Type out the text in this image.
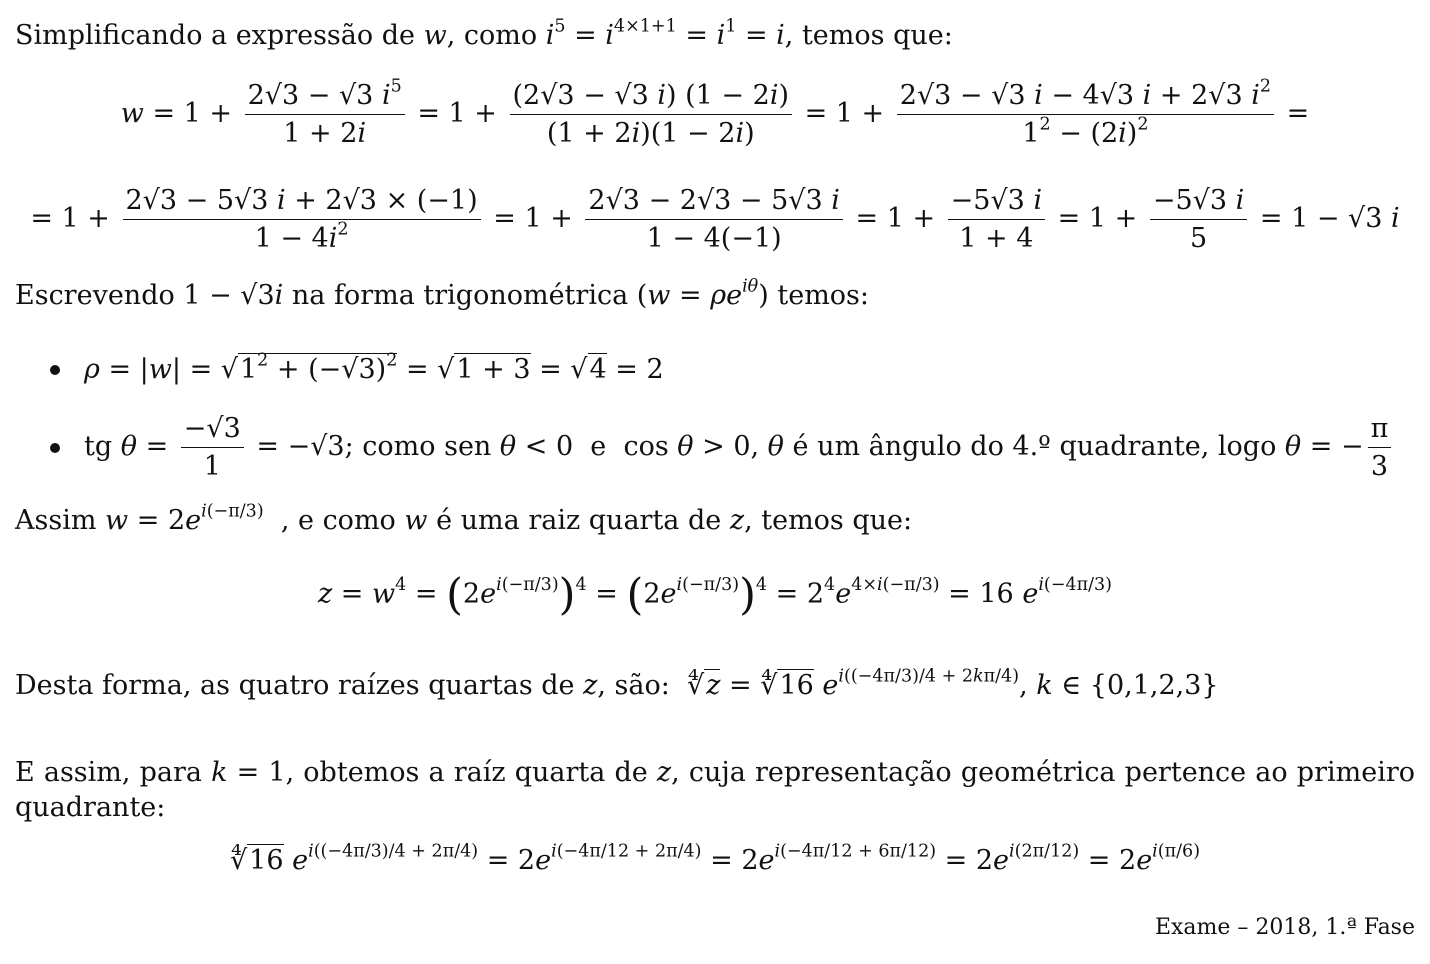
Simplificando a expressão de w, como $i^5 = i^{4\times 1+1} = i^1 = i$, temos que:
$w = 1 + \frac{2√3 - √3 i^5}{1 + 2i} = 1 + \frac{(2√3 - √3 i) (1 - 2i)}{(1 + 2i)(1 - 2i)} = 1 + \frac{2√3 - √3 i - 4√3 i + 2√3 i^2}{1^2 - (2i)^2}$ =
= $1 + \frac{2√3 - 5√3 i + 2√3 \times (-1)}{1 - 4i^2} = 1 + \frac{2√3 - 2√3 - 5√3 i}{1 - 4(-1)} = 1 + \frac{-5√3 i}{1 + 4} = 1 + \frac{-5√3 i}{5} = 1 - √3$ i
Escrevendo 1 − √3i na forma trigonométrica $(w = \rho e^{i\theta})$ temos:
$\rho = |w| = √1^2 + (-√3)^2 = √1 + 3 = √4 = 2$
tg $\theta = \frac{-√3}{1} = -√3$; como sen θ < 0  e  cos θ > 0, θ é um ângulo do 4.º quadrante, logo θ = − $\frac{\pi}{3}$
Assim $w = 2e^{i(-\pi/3)}$  , e como w é uma raiz quarta de z, temos que:
$z = w^4 = (2e^{i(-\pi/3)})^4 = (2e^{i(-\pi/3)})^4 = 2^4e^{4\times i(-\pi/3)} = 16$ $e^{i(-4\pi/3)}$
Desta forma, as quatro raízes quartas de z, são:  ∜z = ∜16 $e^{i((-4\pi/3)/4 + 2k\pi/4)}$, k ∈ {0,1,2,3}
E assim, para k = 1, obtemos a raíz quarta de z, cuja representação geométrica pertence ao primeiro quadrante:
∜16 $e^{i((-4\pi/3)/4 + 2\pi/4)} = 2e^{i(-4\pi/12 + 2\pi/4)} = 2e^{i(-4\pi/12 + 6\pi/12)} = 2e^{i(2\pi/12)} = 2e^{i(\pi/6)}$
Exame – 2018, 1.ª Fase
